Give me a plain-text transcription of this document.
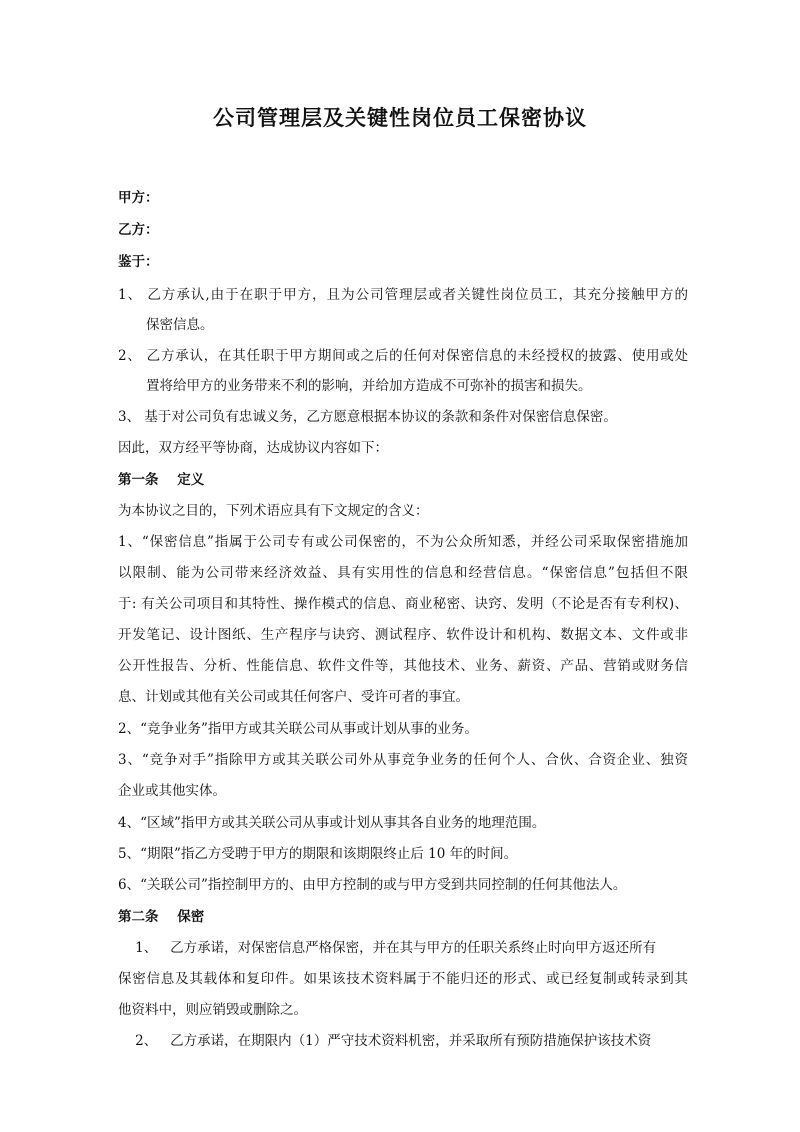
公司管理层及关键性岗位员工保密协议
甲方：
乙方：
鉴于：
1、 乙方承认,由于在职于甲方，且为公司管理层或者关键性岗位员工，其充分接触甲方的
保密信息。
2、 乙方承认，在其任职于甲方期间或之后的任何对保密信息的未经授权的披露、使用或处
置将给甲方的业务带来不利的影响，并给加方造成不可弥补的损害和损失。
3、 基于对公司负有忠诚义务，乙方愿意根据本协议的条款和条件对保密信息保密。
因此，双方经平等协商，达成协议内容如下：
第一条    定义
为本协议之目的，下列术语应具有下文规定的含义：
1、“保密信息”指属于公司专有或公司保密的，不为公众所知悉，并经公司采取保密措施加
以限制、能为公司带来经济效益、具有实用性的信息和经营信息。“保密信息”包括但不限
于: 有关公司项目和其特性、操作模式的信息、商业秘密、诀窍、发明（不论是否有专利权)、
开发笔记、设计图纸、生产程序与诀窍、测试程序、软件设计和机构、数据文本、文件或非
公开性报告、分析、性能信息、软件文件等，其他技术、业务、薪资、产品、营销或财务信
息、计划或其他有关公司或其任何客户、受许可者的事宜。
2、“竞争业务”指甲方或其关联公司从事或计划从事的业务。
3、“竞争对手”指除甲方或其关联公司外从事竞争业务的任何个人、合伙、合资企业、独资
企业或其他实体。
4、“区域”指甲方或其关联公司从事或计划从事其各自业务的地理范围。
5、“期限”指乙方受聘于甲方的期限和该期限终止后 10 年的时间。
6、“关联公司”指控制甲方的、由甲方控制的或与甲方受到共同控制的任何其他法人。
第二条    保密
1、   乙方承诺，对保密信息严格保密，并在其与甲方的任职关系终止时向甲方返还所有
保密信息及其载体和复印件。如果该技术资料属于不能归还的形式、或已经复制或转录到其
他资料中，则应销毁或删除之。
2、   乙方承诺，在期限内（1）严守技术资料机密，并采取所有预防措施保护该技术资
